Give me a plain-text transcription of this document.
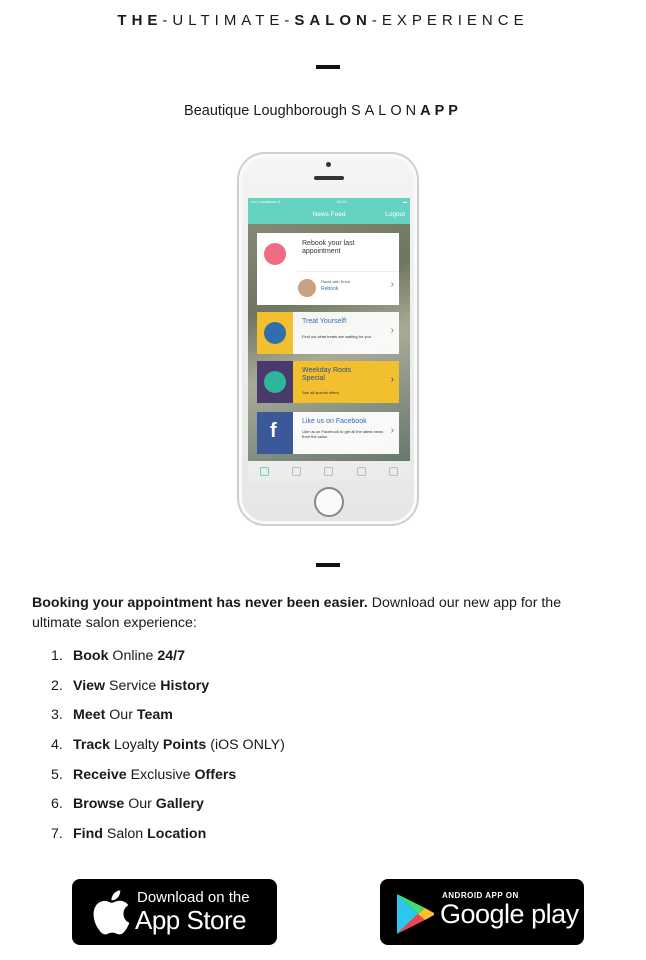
THE-ULTIMATE-SALON-EXPERIENCE
Beautique Loughborough SALONAPP
••••○ vodafone 4	15:15	▬
News Feed	Logout
Rebook your last appointment
Razid with Erica
Rebook	›
Treat Yourself!
Find out what treats are waiting for you
›
Weekday Roots Special
See all special offers
›
f	Like us on Facebook
Like us on Facebook to get all the latest news from the salon
›

Booking your appointment has never been easier. Download our new app for the ultimate salon experience:

1. Book Online 24/7
2. View Service History
3. Meet Our Team
4. Track Loyalty Points (iOS ONLY)
5. Receive Exclusive Offers
6. Browse Our Gallery
7. Find Salon Location
Download on the
App Store
ANDROID APP ON
Google play
